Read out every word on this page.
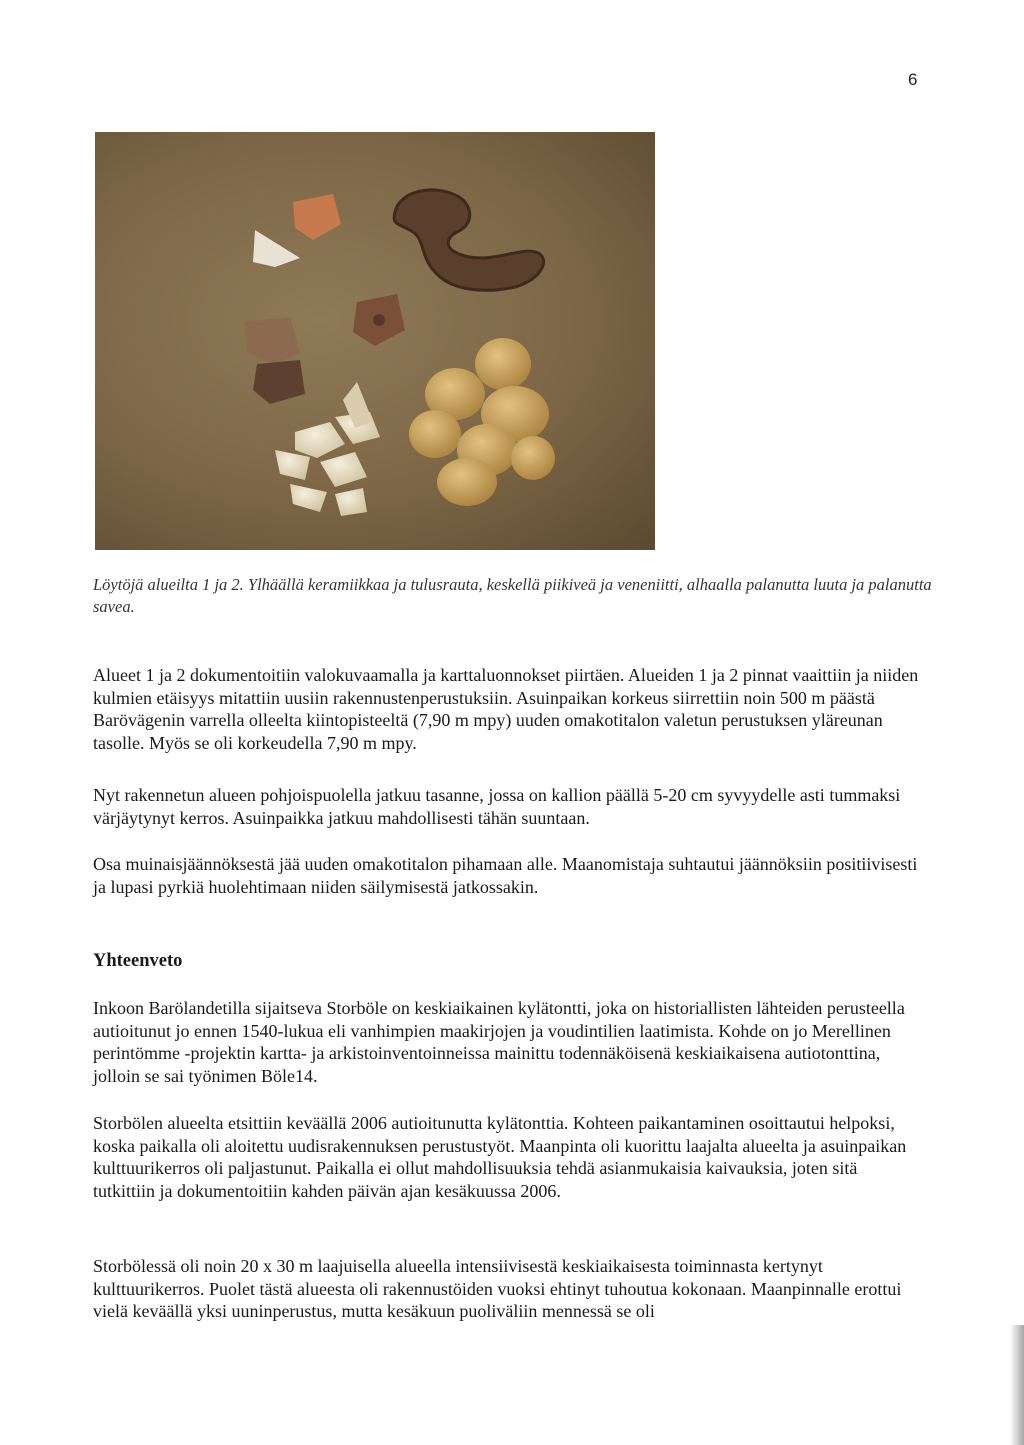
6
Löytöjä alueilta 1 ja 2. Ylhäällä keramiikkaa ja tulusrauta, keskellä piikiveä ja veneniitti, alhaalla palanutta luuta ja palanutta savea.

Alueet 1 ja 2 dokumentoitiin valokuvaamalla ja karttaluonnokset piirtäen. Alueiden 1 ja 2 pinnat vaaittiin ja niiden kulmien etäisyys mitattiin uusiin rakennustenperustuksiin. Asuinpaikan korkeus siirrettiin noin 500 m päästä Barövägenin varrella olleelta kiintopisteeltä (7,90 m mpy) uuden omakotitalon valetun perustuksen yläreunan tasolle. Myös se oli korkeudella 7,90 m mpy.

Nyt rakennetun alueen pohjoispuolella jatkuu tasanne, jossa on kallion päällä 5-20 cm syvyydelle asti tummaksi värjäytynyt kerros. Asuinpaikka jatkuu mahdollisesti tähän suuntaan.

Osa muinaisjäännöksestä jää uuden omakotitalon pihamaan alle. Maanomistaja suhtautui jäännöksiin positiivisesti ja lupasi pyrkiä huolehtimaan niiden säilymisestä jatkossakin.

Yhteenveto

Inkoon Barölandetilla sijaitseva Storböle on keskiaikainen kylätontti, joka on historiallisten lähteiden perusteella autioitunut jo ennen 1540-lukua eli vanhimpien maakirjojen ja voudintilien laatimista. Kohde on jo Merellinen perintömme -projektin kartta- ja arkistoinventoinneissa mainittu todennäköisenä keskiaikaisena autiotonttina, jolloin se sai työnimen Böle14.

Storbölen alueelta etsittiin keväällä 2006 autioitunutta kylätonttia. Kohteen paikantaminen osoittautui helpoksi, koska paikalla oli aloitettu uudisrakennuksen perustustyöt. Maanpinta oli kuorittu laajalta alueelta ja asuinpaikan kulttuurikerros oli paljastunut. Paikalla ei ollut mahdollisuuksia tehdä asianmukaisia kaivauksia, joten sitä tutkittiin ja dokumentoitiin kahden päivän ajan kesäkuussa 2006.

Storbölessä oli noin 20 x 30 m laajuisella alueella intensiivisestä keskiaikaisesta toiminnasta kertynyt kulttuurikerros. Puolet tästä alueesta oli rakennustöiden vuoksi ehtinyt tuhoutua kokonaan. Maanpinnalle erottui vielä keväällä yksi uuninperustus, mutta kesäkuun puoliväliin mennessä se oli
